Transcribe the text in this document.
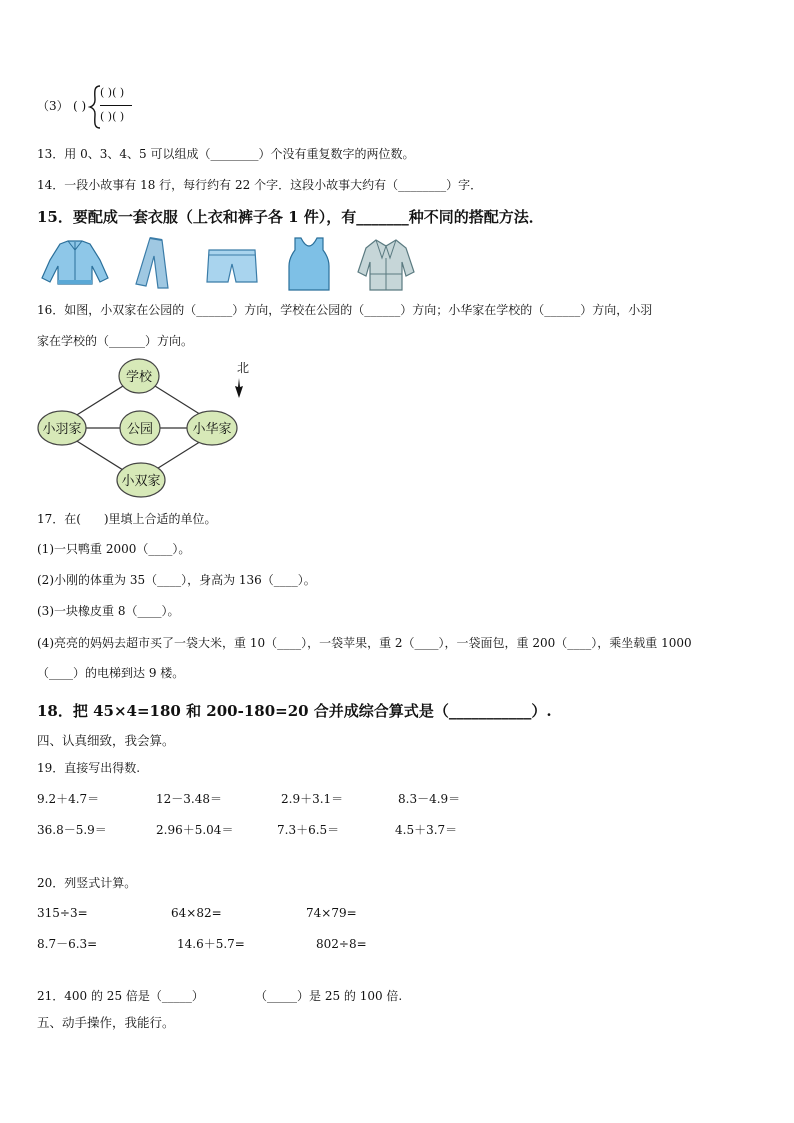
（3） ( )
( )( )
( )( )
13．用 0、3、4、5 可以组成（________）个没有重复数字的两位数。
14．一段小故事有 18 行，每行约有 22 个字．这段小故事大约有（________）字．
15．要配成一套衣服（上衣和裤子各 1 件），有_______种不同的搭配方法．
16．如图，小双家在公园的（______）方向，学校在公园的（______）方向；小华家在学校的（______）方向，小羽
家在学校的（______）方向。
学校
公园
小羽家	小华家
小双家
北
17．在(      )里填上合适的单位。
(1)一只鸭重 2000（____）。
(2)小刚的体重为 35（____），身高为 136（____）。
(3)一块橡皮重 8（____）。
(4)亮亮的妈妈去超市买了一袋大米，重 10（____），一袋苹果，重 2（____），一袋面包，重 200（____），乘坐载重 1000
（____）的电梯到达 9 楼。
18．把 45×4=180 和 200-180=20 合并成综合算式是（___________）.
四、认真细致，我会算。
19．直接写出得数.
9.2＋4.7＝	12－3.48＝	2.9＋3.1＝	8.3－4.9＝
36.8－5.9＝	2.96＋5.04＝	7.3＋6.5＝	4.5＋3.7＝
20．列竖式计算。
315÷3=	64×82=	74×79=
8.7－6.3=	14.6＋5.7=	802÷8=
21．400 的 25 倍是（_____）	（_____）是 25 的 100 倍.
五、动手操作，我能行。
